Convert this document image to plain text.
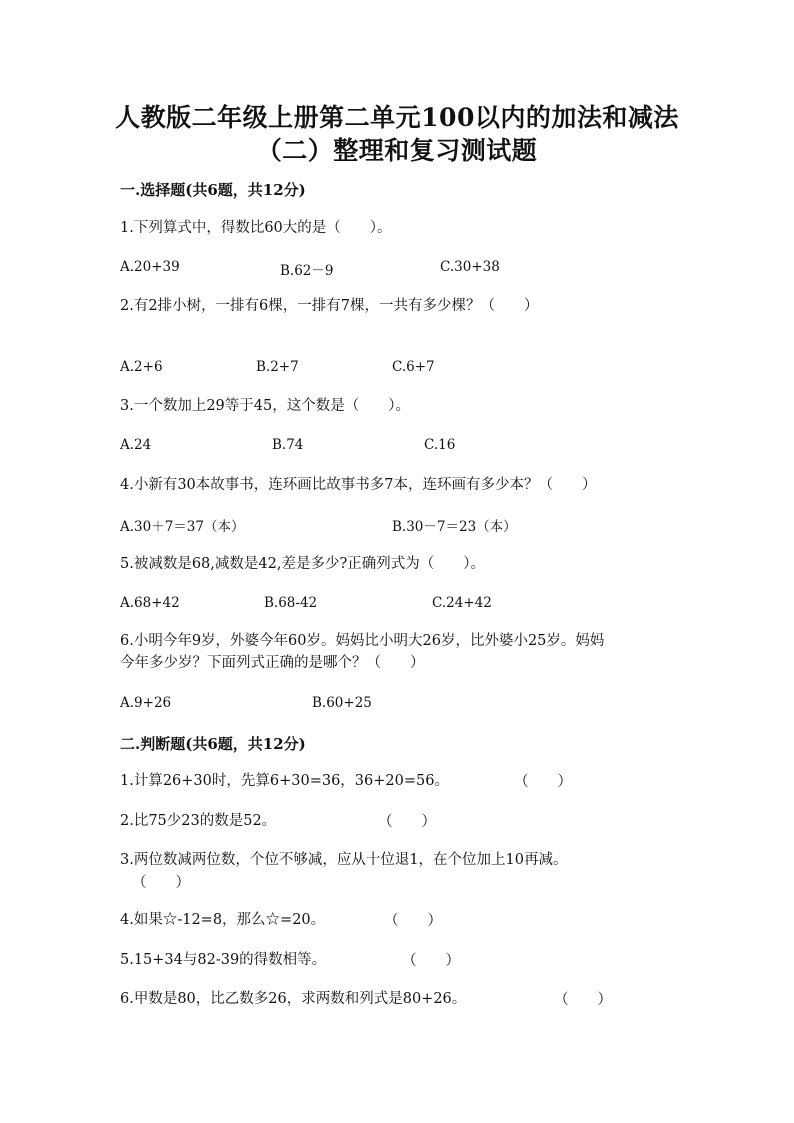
人教版二年级上册第二单元100以内的加法和减法
（二）整理和复习测试题
一.选择题(共6题，共12分)
1.下列算式中，得数比60大的是（　　）。
A.20+39	B.62－9	C.30+38
2.有2排小树，一排有6棵，一排有7棵，一共有多少棵？（　　）
A.2+6	B.2+7	C.6+7
3.一个数加上29等于45，这个数是（　　）。
A.24	B.74	C.16
4.小新有30本故事书，连环画比故事书多7本，连环画有多少本？（　　）
A.30＋7＝37（本）	B.30－7＝23（本）
5.被减数是68,减数是42,差是多少?正确列式为（　　）。
A.68+42	B.68-42	C.24+42
6.小明今年9岁，外婆今年60岁。妈妈比小明大26岁，比外婆小25岁。妈妈
今年多少岁？下面列式正确的是哪个？（　　）
A.9+26	B.60+25
二.判断题(共6题，共12分)
1.计算26+30时，先算6+30=36，36+20=56。	（　　）
2.比75少23的数是52。	（　　）
3.两位数减两位数，个位不够减，应从十位退1，在个位加上10再减。
（　　）
4.如果☆-12=8，那么☆=20。	（　　）
5.15+34与82-39的得数相等。	（　　）
6.甲数是80，比乙数多26，求两数和列式是80+26。	（　　）
